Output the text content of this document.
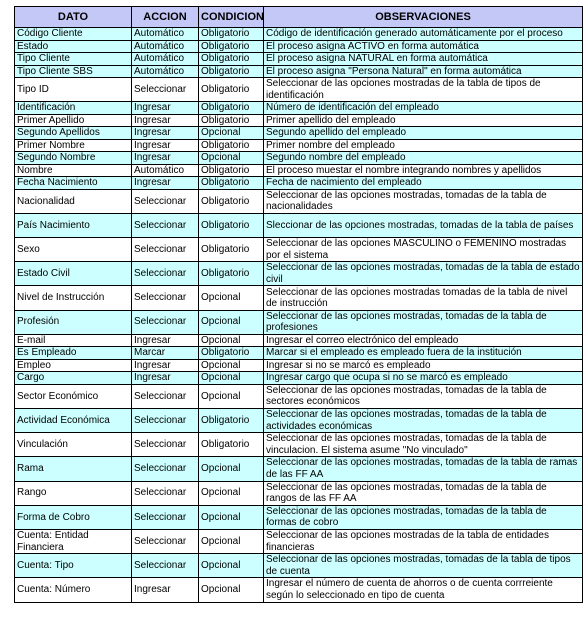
DATO	ACCION	CONDICION	OBSERVACIONES
Código Cliente	Automático	Obligatorio	Código de identificación generado automáticamente por el proceso
Estado	Automático	Obligatorio	El proceso asigna ACTIVO en forma automática
Tipo Cliente	Automático	Obligatorio	El proceso asigna NATURAL en forma automática
Tipo Cliente SBS	Automático	Obligatorio	El proceso asigna "Persona Natural" en forma automática
Tipo ID	Seleccionar	Obligatorio	Seleccionar de las opciones mostradas de la tabla de tipos de identificación
Identificación	Ingresar	Obligatorio	Número de identificación del empleado
Primer Apellido	Ingresar	Obligatorio	Primer apellido del empleado
Segundo Apellidos	Ingresar	Opcional	Segundo apellido del empleado
Primer Nombre	Ingresar	Obligatorio	Primer nombre del empleado
Segundo Nombre	Ingresar	Opcional	Segundo nombre del empleado
Nombre	Automático	Obligatorio	El proceso muestar el nombre integrando nombres y apellidos
Fecha Nacimiento	Ingresar	Obligatorio	Fecha de nacimiento del empleado
Nacionalidad	Seleccionar	Obligatorio	Seleccionar de las opciones mostradas, tomadas de la tabla de nacionalidades
País Nacimiento	Seleccionar	Obligatorio	Sleccionar de las opciones mostradas, tomadas de la tabla de países
Sexo	Seleccionar	Obligatorio	Seleccionar de las opciones MASCULINO o FEMENINO mostradas por el sistema
Estado Civil	Seleccionar	Obligatorio	Seleccionar de las opciones mostradas, tomadas de la tabla de estado civil
Nivel de Instrucción	Seleccionar	Opcional	Seleccionar de las opciones mostradas tomadas de la tabla de nivel de instrucción
Profesión	Seleccionar	Opcional	Seleccionar de las opciones mostradas, tomadas de la tabla de profesiones
E-mail	Ingresar	Opcional	Ingresar el correo electrónico del empleado
Es Empleado	Marcar	Obligatorio	Marcar si el empleado es empleado fuera de la institución
Empleo	Ingresar	Opcional	Ingresar si no se marcó es empleado
Cargo	Ingresar	Opcional	Ingresar cargo que ocupa si no se marcó es empleado
Sector Económico	Seleccionar	Opcional	Seleccionar de las opciones mostradas, tomadas de la tabla de sectores económicos
Actividad Económica	Seleccionar	Obligatorio	Seleccionar de las opciones mostradas, tomadas de la tabla de actividades económicas
Vinculación	Seleccionar	Obligatorio	Seleccionar de las opciones mostradas, tomadas de la tabla de vinculacion. El sistema asume "No vinculado"
Rama	Seleccionar	Opcional	Seleccionar de las opciones mostradas, tomadas de la tabla de ramas de las FF AA
Rango	Seleccionar	Opcional	Seleccionar de las opciones mostradas, tomadas de la tabla de rangos de las FF AA
Forma de Cobro	Seleccionar	Opcional	Seleccionar de las opciones mostradas, tomadas de la tabla de formas de cobro
Cuenta: Entidad Financiera	Seleccionar	Opcional	Seleccionar de las opciones mostradas de la tabla de entidades financieras
Cuenta: Tipo	Seleccionar	Opcional	Seleccionar de las opciones mostradas, tomadas de la tabla de tipos de cuenta
Cuenta: Número	Ingresar	Opcional	Ingresar el número de cuenta de ahorros o de cuenta corrreiente según lo seleccionado en tipo de cuenta
